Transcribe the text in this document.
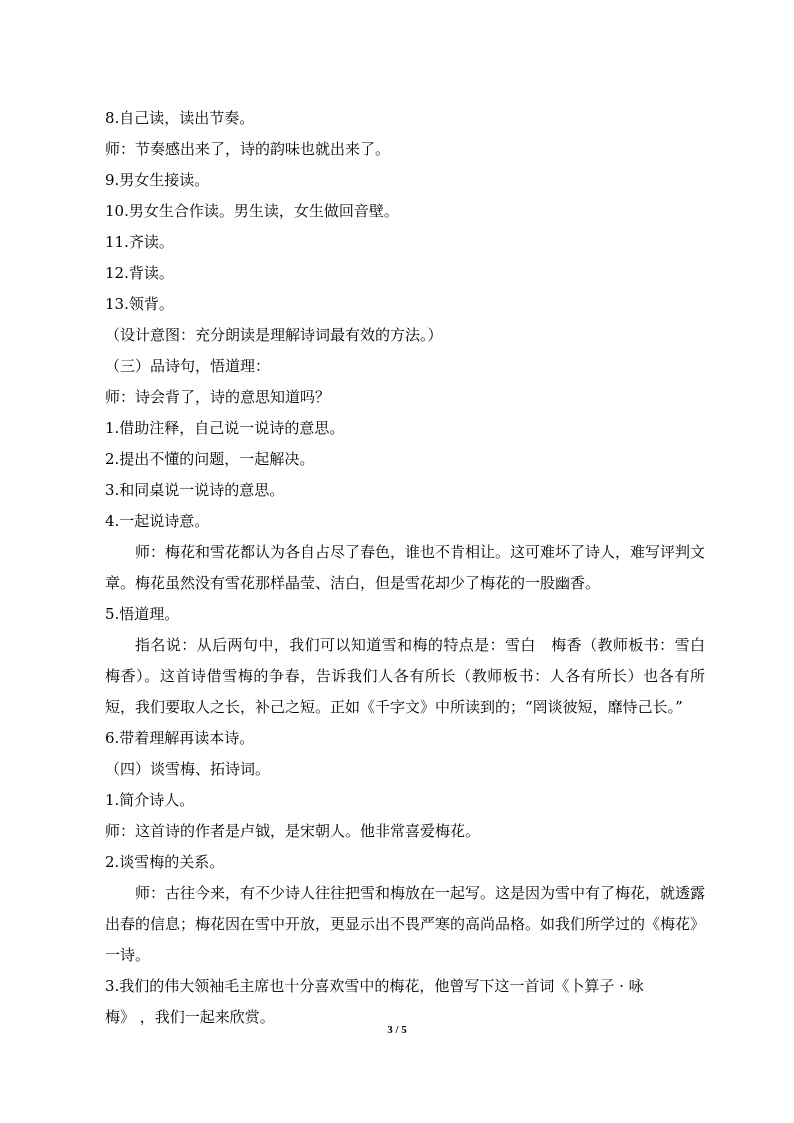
8.自己读，读出节奏。
师：节奏感出来了，诗的韵味也就出来了。
9.男女生接读。
10.男女生合作读。男生读，女生做回音壁。
11.齐读。
12.背读。
13.领背。
（设计意图：充分朗读是理解诗词最有效的方法。）
（三）品诗句，悟道理：
师：诗会背了，诗的意思知道吗？
1.借助注释，自己说一说诗的意思。
2.提出不懂的问题，一起解决。
3.和同桌说一说诗的意思。
4.一起说诗意。
师：梅花和雪花都认为各自占尽了春色，谁也不肯相让。这可难坏了诗人，难写评判文章。梅花虽然没有雪花那样晶莹、洁白，但是雪花却少了梅花的一股幽香。
5.悟道理。
指名说：从后两句中，我们可以知道雪和梅的特点是：雪白　梅香（教师板书：雪白　梅香）。这首诗借雪梅的争春，告诉我们人各有所长（教师板书：人各有所长）也各有所短，我们要取人之长，补己之短。正如《千字文》中所读到的；“罔谈彼短，靡恃己长。”
6.带着理解再读本诗。
（四）谈雪梅、拓诗词。
1.简介诗人。
师：这首诗的作者是卢钺，是宋朝人。他非常喜爱梅花。
2.谈雪梅的关系。
师：古往今来，有不少诗人往往把雪和梅放在一起写。这是因为雪中有了梅花，就透露出春的信息；梅花因在雪中开放，更显示出不畏严寒的高尚品格。如我们所学过的《梅花》一诗。
3.我们的伟大领袖毛主席也十分喜欢雪中的梅花，他曾写下这一首词《卜算子 · 咏
梅》 ，我们一起来欣赏。
3 / 5
